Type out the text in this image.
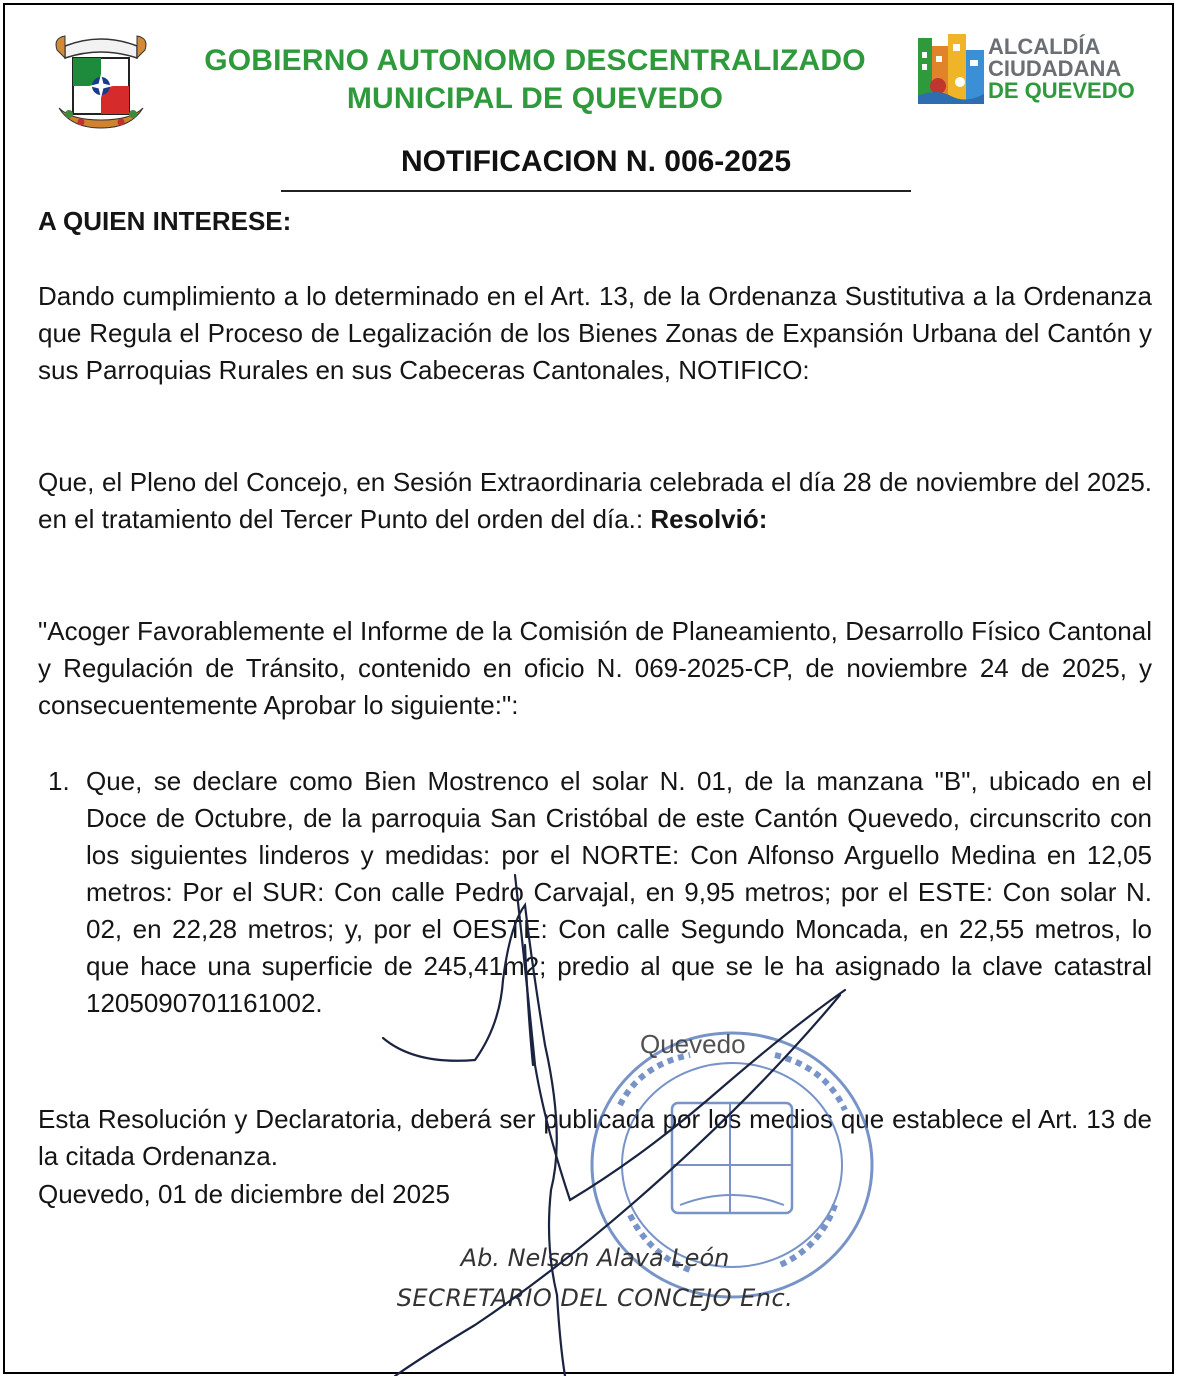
GOBIERNO AUTONOMO DESCENTRALIZADO
MUNICIPAL DE QUEVEDO
ALCALDÍA
CIUDADANA
DE QUEVEDO
NOTIFICACION N. 006-2025
A QUIEN INTERESE:
Dando cumplimiento a lo determinado en el Art. 13, de la Ordenanza Sustitutiva a la Ordenanza que Regula el Proceso de Legalización de los Bienes Zonas de Expansión Urbana del Cantón y sus Parroquias Rurales en sus Cabeceras Cantonales, NOTIFICO:
Que, el Pleno del Concejo, en Sesión Extraordinaria celebrada el día 28 de noviembre del 2025. en el tratamiento del Tercer Punto del orden del día.: Resolvió:
"Acoger Favorablemente el Informe de la Comisión de Planeamiento, Desarrollo Físico Cantonal y Regulación de Tránsito, contenido en oficio N. 069-2025-CP, de noviembre 24 de 2025, y consecuentemente Aprobar lo siguiente:":
1. Que, se declare como Bien Mostrenco el solar N. 01, de la manzana "B", ubicado en el Doce de Octubre, de la parroquia San Cristóbal de este Cantón Quevedo, circunscrito con los siguientes linderos y medidas: por el NORTE: Con Alfonso Arguello Medina en 12,05 metros: Por el SUR: Con calle Pedro Carvajal, en 9,95 metros; por el ESTE: Con solar N. 02, en 22,28 metros; y, por el OESTE: Con calle Segundo Moncada, en 22,55 metros, lo que hace una superficie de 245,41m2; predio al que se le ha asignado la clave catastral 1205090701161002.
Esta Resolución y Declaratoria, deberá ser publicada por los medios que establece el Art. 13 de la citada Ordenanza.
Quevedo, 01 de diciembre del 2025
Quevedo
Ab. Nelson Alava León
SECRETARIO DEL CONCEJO Enc.
